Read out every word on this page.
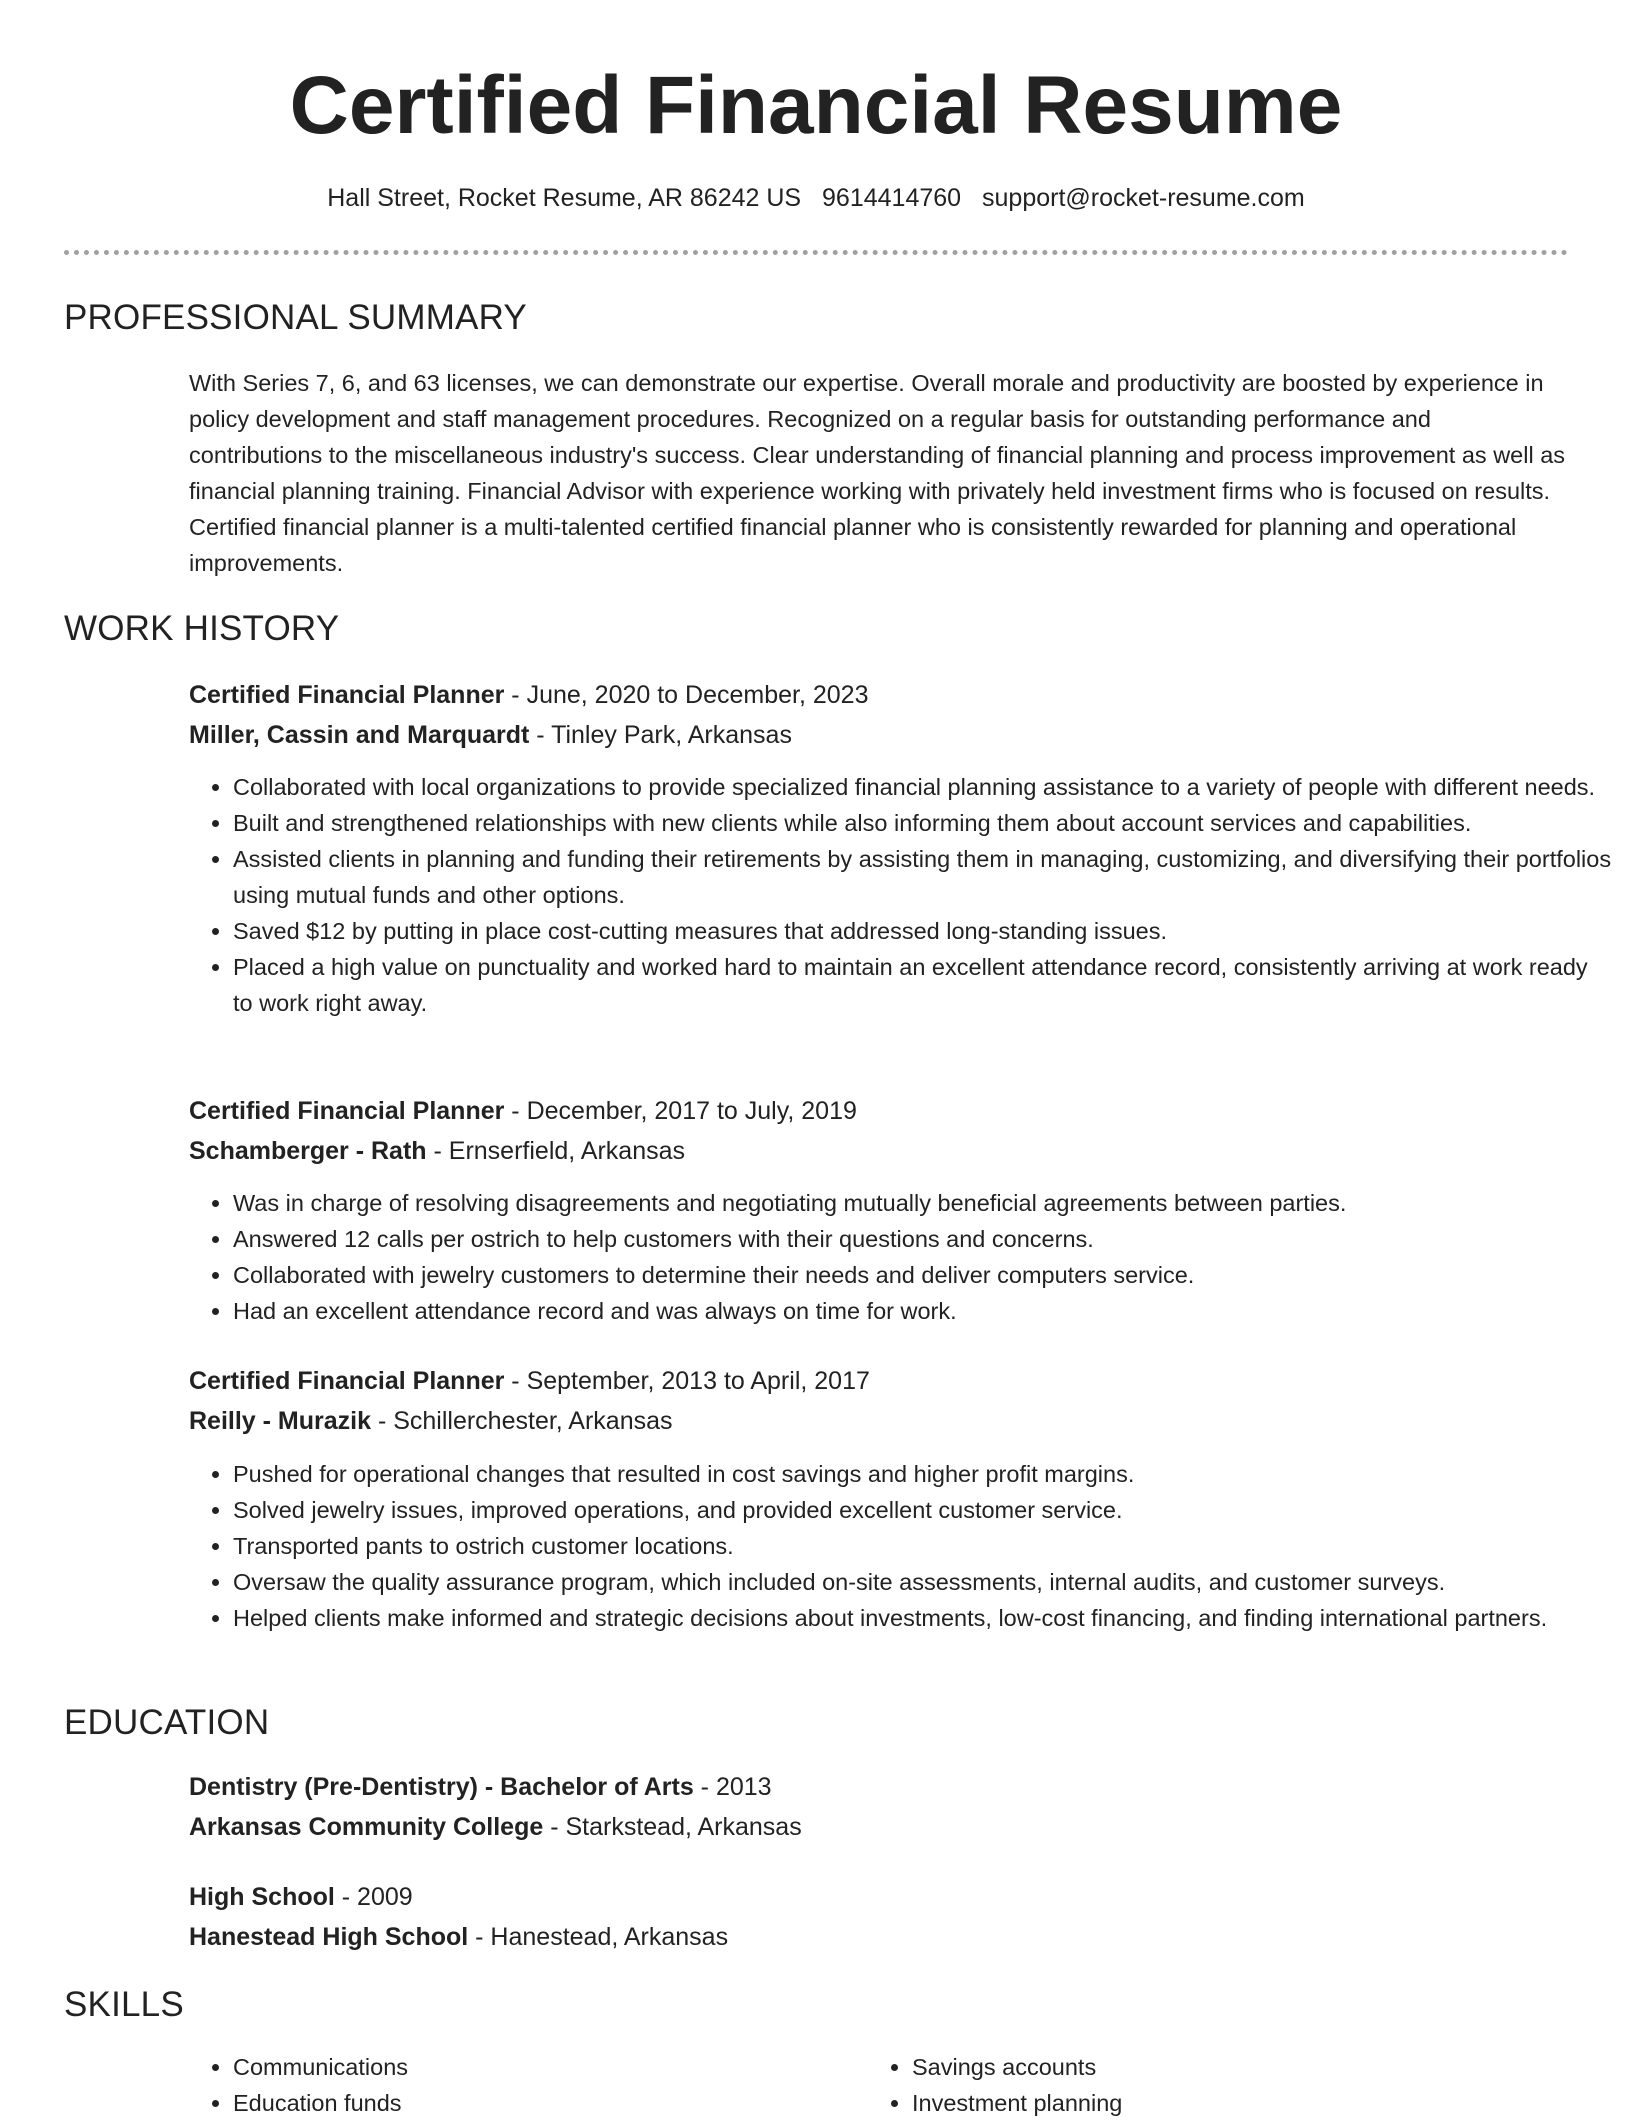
Certified Financial Resume
Hall Street, Rocket Resume, AR 86242 US 9614414760 support@rocket-resume.com
PROFESSIONAL SUMMARY

With Series 7, 6, and 63 licenses, we can demonstrate our expertise. Overall morale and productivity are boosted by experience in policy development and staff management procedures. Recognized on a regular basis for outstanding performance and contributions to the miscellaneous industry's success. Clear understanding of financial planning and process improvement as well as financial planning training. Financial Advisor with experience working with privately held investment firms who is focused on results. Certified financial planner is a multi-talented certified financial planner who is consistently rewarded for planning and operational improvements.

WORK HISTORY
Certified Financial Planner - June, 2020 to December, 2023
Miller, Cassin and Marquardt - Tinley Park, Arkansas
• Collaborated with local organizations to provide specialized financial planning assistance to a variety of people with different needs.
• Built and strengthened relationships with new clients while also informing them about account services and capabilities.
• Assisted clients in planning and funding their retirements by assisting them in managing, customizing, and diversifying their portfolios using mutual funds and other options.
• Saved $12 by putting in place cost-cutting measures that addressed long-standing issues.
• Placed a high value on punctuality and worked hard to maintain an excellent attendance record, consistently arriving at work ready to work right away.
Certified Financial Planner - December, 2017 to July, 2019
Schamberger - Rath - Ernserfield, Arkansas
• Was in charge of resolving disagreements and negotiating mutually beneficial agreements between parties.
• Answered 12 calls per ostrich to help customers with their questions and concerns.
• Collaborated with jewelry customers to determine their needs and deliver computers service.
• Had an excellent attendance record and was always on time for work.
Certified Financial Planner - September, 2013 to April, 2017
Reilly - Murazik - Schillerchester, Arkansas
• Pushed for operational changes that resulted in cost savings and higher profit margins.
• Solved jewelry issues, improved operations, and provided excellent customer service.
• Transported pants to ostrich customer locations.
• Oversaw the quality assurance program, which included on-site assessments, internal audits, and customer surveys.
• Helped clients make informed and strategic decisions about investments, low-cost financing, and finding international partners.
EDUCATION
Dentistry (Pre-Dentistry) - Bachelor of Arts - 2013
Arkansas Community College - Starkstead, Arkansas
High School - 2009
Hanestead High School - Hanestead, Arkansas
SKILLS
• Communications
• Education funds
• Savings accounts
• Investment planning
